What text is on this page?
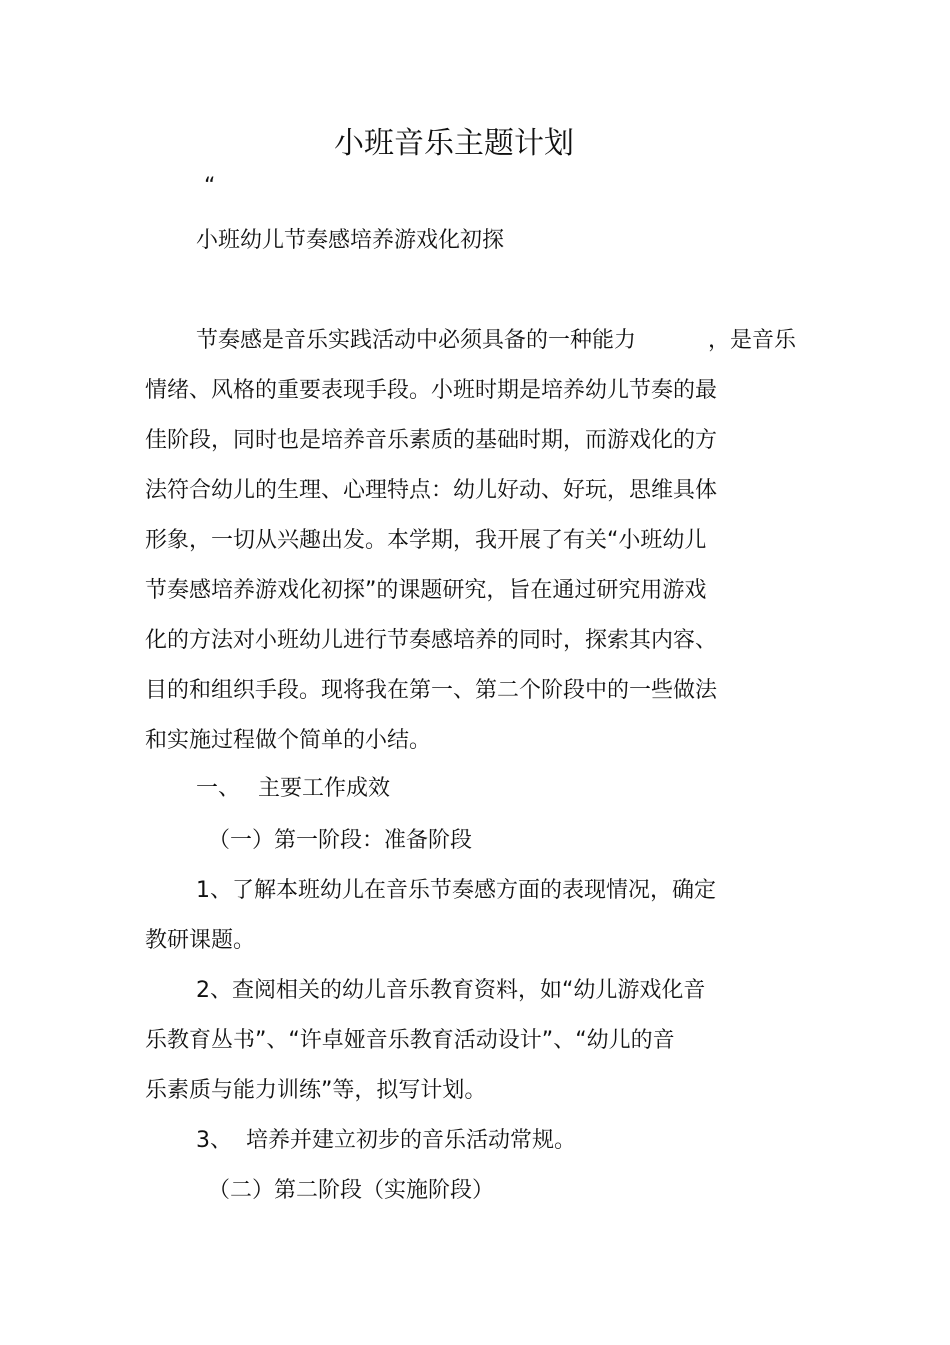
小班音乐主题计划
“
小班幼儿节奏感培养游戏化初探
节奏感是音乐实践活动中必须具备的一种能力	，是音乐
情绪、风格的重要表现手段。小班时期是培养幼儿节奏的最
佳阶段，同时也是培养音乐素质的基础时期，而游戏化的方
法符合幼儿的生理、心理特点：幼儿好动、好玩，思维具体
形象，一切从兴趣出发。本学期，我开展了有关“小班幼儿
节奏感培养游戏化初探”的课题研究，旨在通过研究用游戏
化的方法对小班幼儿进行节奏感培养的同时，探索其内容、
目的和组织手段。现将我在第一、第二个阶段中的一些做法
和实施过程做个简单的小结。
一、 主要工作成效
（一）第一阶段：准备阶段
1、了解本班幼儿在音乐节奏感方面的表现情况，确定
教研课题。
2、查阅相关的幼儿音乐教育资料，如“幼儿游戏化音
乐教育丛书”、“许卓娅音乐教育活动设计”、“幼儿的音
乐素质与能力训练”等，拟写计划。
3、 培养并建立初步的音乐活动常规。
（二）第二阶段（实施阶段）
